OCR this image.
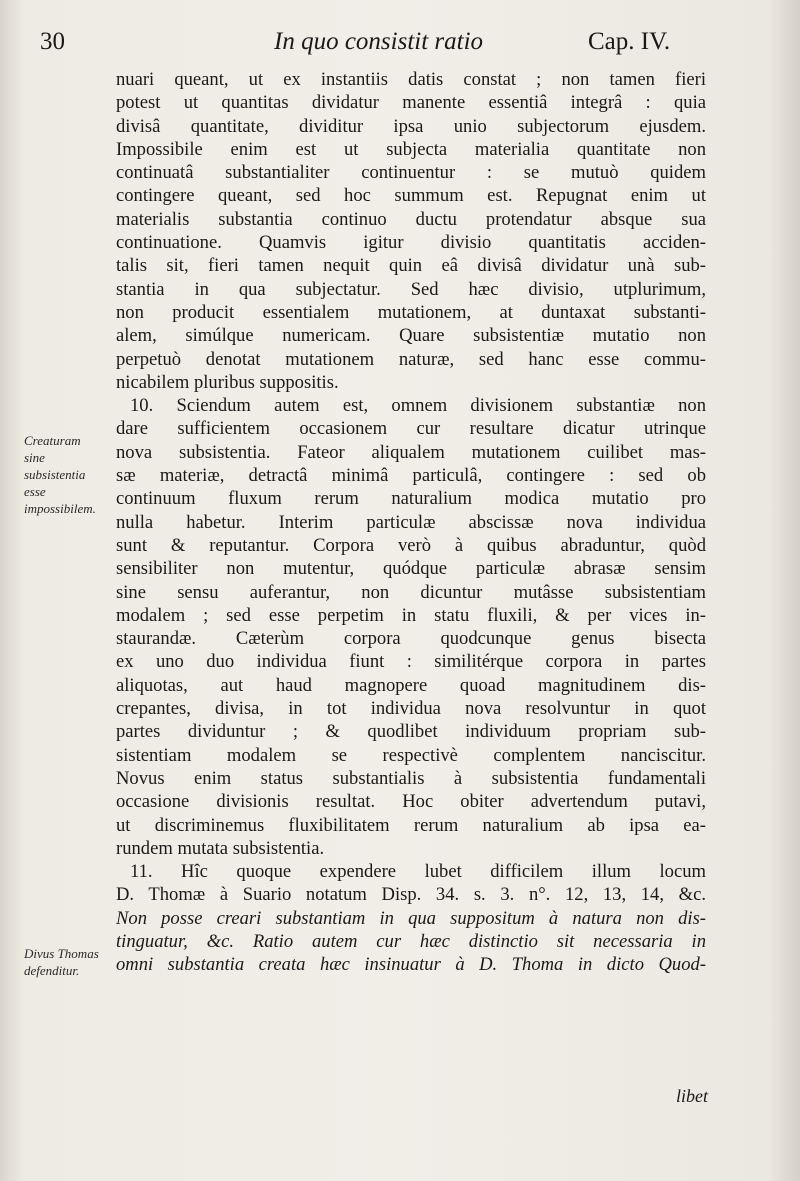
30	In quo consistit ratio	Cap. IV.
Creaturam sine subsistentia esse impossibilem.
Divus Thomas defenditur.
nuari queant, ut ex instantiis datis constat ; non tamen fieri
potest ut quantitas dividatur manente essentiâ integrâ : quia
divisâ quantitate, dividitur ipsa unio subjectorum ejusdem.
Impossibile enim est ut subjecta materialia quantitate non
continuatâ substantialiter continuentur : se mutuò quidem
contingere queant, sed hoc summum est. Repugnat enim ut
materialis substantia continuo ductu protendatur absque sua
continuatione. Quamvis igitur divisio quantitatis acciden-
talis sit, fieri tamen nequit quin eâ divisâ dividatur unà sub-
stantia in qua subjectatur. Sed hæc divisio, utplurimum,
non producit essentialem mutationem, at duntaxat substanti-
alem, simúlque numericam. Quare subsistentiæ mutatio non
perpetuò denotat mutationem naturæ, sed hanc esse commu-
nicabilem pluribus suppositis.
10. Sciendum autem est, omnem divisionem substantiæ non
dare sufficientem occasionem cur resultare dicatur utrinque
nova subsistentia. Fateor aliqualem mutationem cuilibet mas-
sæ materiæ, detractâ minimâ particulâ, contingere : sed ob
continuum fluxum rerum naturalium modica mutatio pro
nulla habetur. Interim particulæ abscissæ nova individua
sunt & reputantur. Corpora verò à quibus abraduntur, quòd
sensibiliter non mutentur, quódque particulæ abrasæ sensim
sine sensu auferantur, non dicuntur mutâsse subsistentiam
modalem ; sed esse perpetim in statu fluxili, & per vices in-
staurandæ. Cæterùm corpora quodcunque genus bisecta
ex uno duo individua fiunt : similitérque corpora in partes
aliquotas, aut haud magnopere quoad magnitudinem dis-
crepantes, divisa, in tot individua nova resolvuntur in quot
partes dividuntur ; & quodlibet individuum propriam sub-
sistentiam modalem se respectivè complentem nanciscitur.
Novus enim status substantialis à subsistentia fundamentali
occasione divisionis resultat. Hoc obiter advertendum putavi,
ut discriminemus fluxibilitatem rerum naturalium ab ipsa ea-
rundem mutata subsistentia.
11. Hîc quoque expendere lubet difficilem illum locum
D. Thomæ à Suario notatum Disp. 34. s. 3. n°. 12, 13, 14, &c.
Non posse creari substantiam in qua suppositum à natura non dis-
tinguatur, &c. Ratio autem cur hæc distinctio sit necessaria in
omni substantia creata hæc insinuatur à D. Thoma in dicto Quod-
libet
